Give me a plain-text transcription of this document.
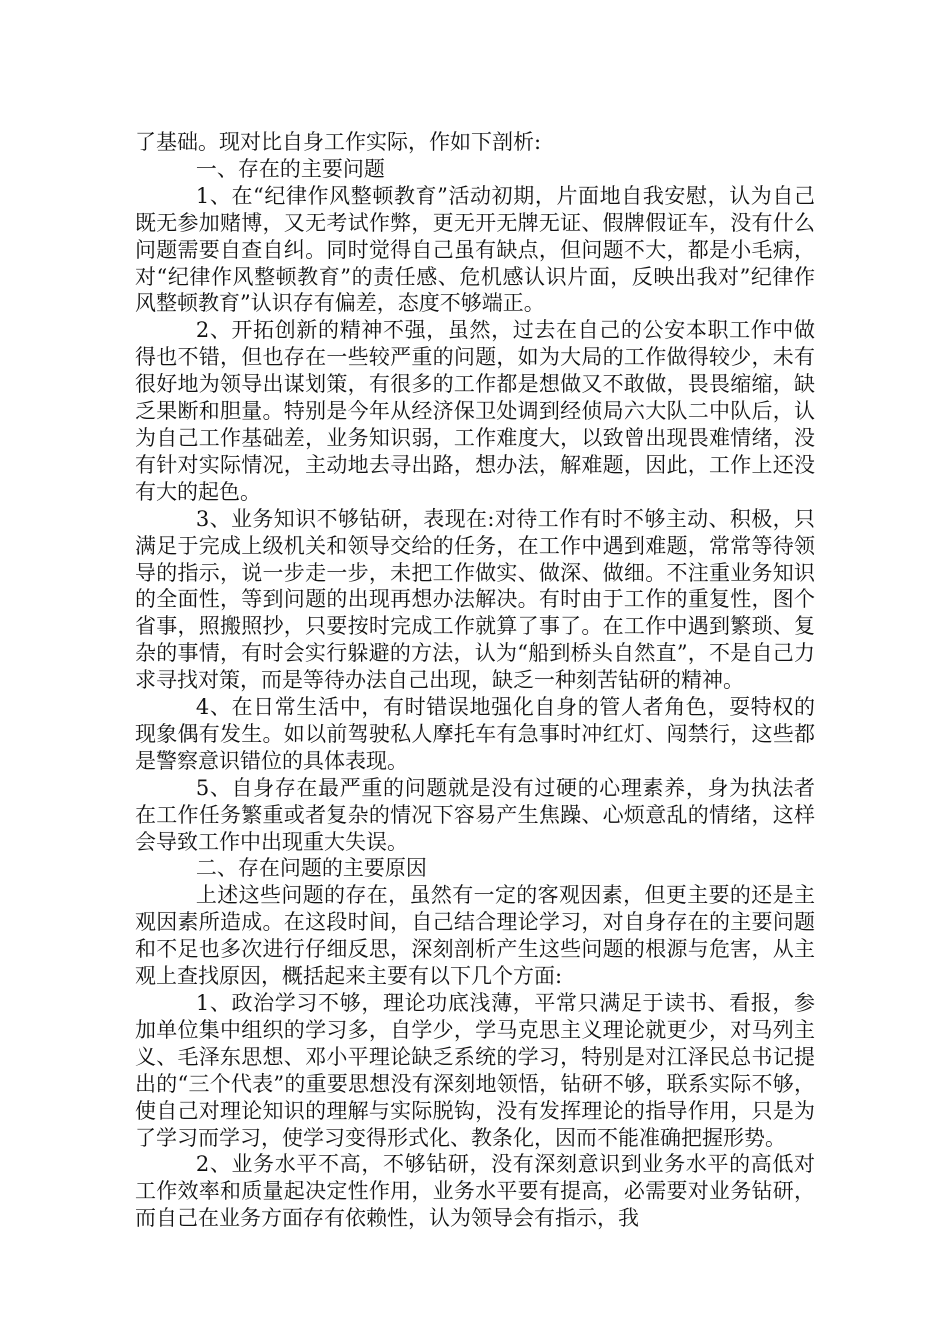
了基础。现对比自身工作实际，作如下剖析:

一、存在的主要问题

1、在“纪律作风整顿教育”活动初期，片面地自我安慰，认为自己既无参加赌博，又无考试作弊，更无开无牌无证、假牌假证车，没有什么问题需要自查自纠。同时觉得自己虽有缺点，但问题不大，都是小毛病，对“纪律作风整顿教育”的责任感、危机感认识片面，反映出我对”纪律作风整顿教育”认识存有偏差，态度不够端正。

2、开拓创新的精神不强，虽然，过去在自己的公安本职工作中做得也不错，但也存在一些较严重的问题，如为大局的工作做得较少，未有很好地为领导出谋划策，有很多的工作都是想做又不敢做，畏畏缩缩，缺乏果断和胆量。特别是今年从经济保卫处调到经侦局六大队二中队后，认为自己工作基础差，业务知识弱，工作难度大，以致曾出现畏难情绪，没有针对实际情况，主动地去寻出路，想办法，解难题，因此，工作上还没有大的起色。

3、业务知识不够钻研，表现在:对待工作有时不够主动、积极，只满足于完成上级机关和领导交给的任务，在工作中遇到难题，常常等待领导的指示，说一步走一步，未把工作做实、做深、做细。不注重业务知识的全面性，等到问题的出现再想办法解决。有时由于工作的重复性，图个省事，照搬照抄，只要按时完成工作就算了事了。在工作中遇到繁琐、复杂的事情，有时会实行躲避的方法，认为“船到桥头自然直”，不是自己力求寻找对策，而是等待办法自己出现，缺乏一种刻苦钻研的精神。

4、在日常生活中，有时错误地强化自身的管人者角色，耍特权的现象偶有发生。如以前驾驶私人摩托车有急事时冲红灯、闯禁行，这些都是警察意识错位的具体表现。

5、自身存在最严重的问题就是没有过硬的心理素养，身为执法者在工作任务繁重或者复杂的情况下容易产生焦躁、心烦意乱的情绪，这样会导致工作中出现重大失误。

二、存在问题的主要原因

上述这些问题的存在，虽然有一定的客观因素，但更主要的还是主观因素所造成。在这段时间，自己结合理论学习，对自身存在的主要问题和不足也多次进行仔细反思，深刻剖析产生这些问题的根源与危害，从主观上查找原因，概括起来主要有以下几个方面:

1、政治学习不够，理论功底浅薄，平常只满足于读书、看报，参加单位集中组织的学习多，自学少，学马克思主义理论就更少，对马列主义、毛泽东思想、邓小平理论缺乏系统的学习，特别是对江泽民总书记提出的“三个代表”的重要思想没有深刻地领悟，钻研不够，联系实际不够，使自己对理论知识的理解与实际脱钩，没有发挥理论的指导作用，只是为了学习而学习，使学习变得形式化、教条化，因而不能准确把握形势。

2、业务水平不高，不够钻研，没有深刻意识到业务水平的高低对工作效率和质量起决定性作用，业务水平要有提高，必需要对业务钻研，而自己在业务方面存有依赖性，认为领导会有指示，我
